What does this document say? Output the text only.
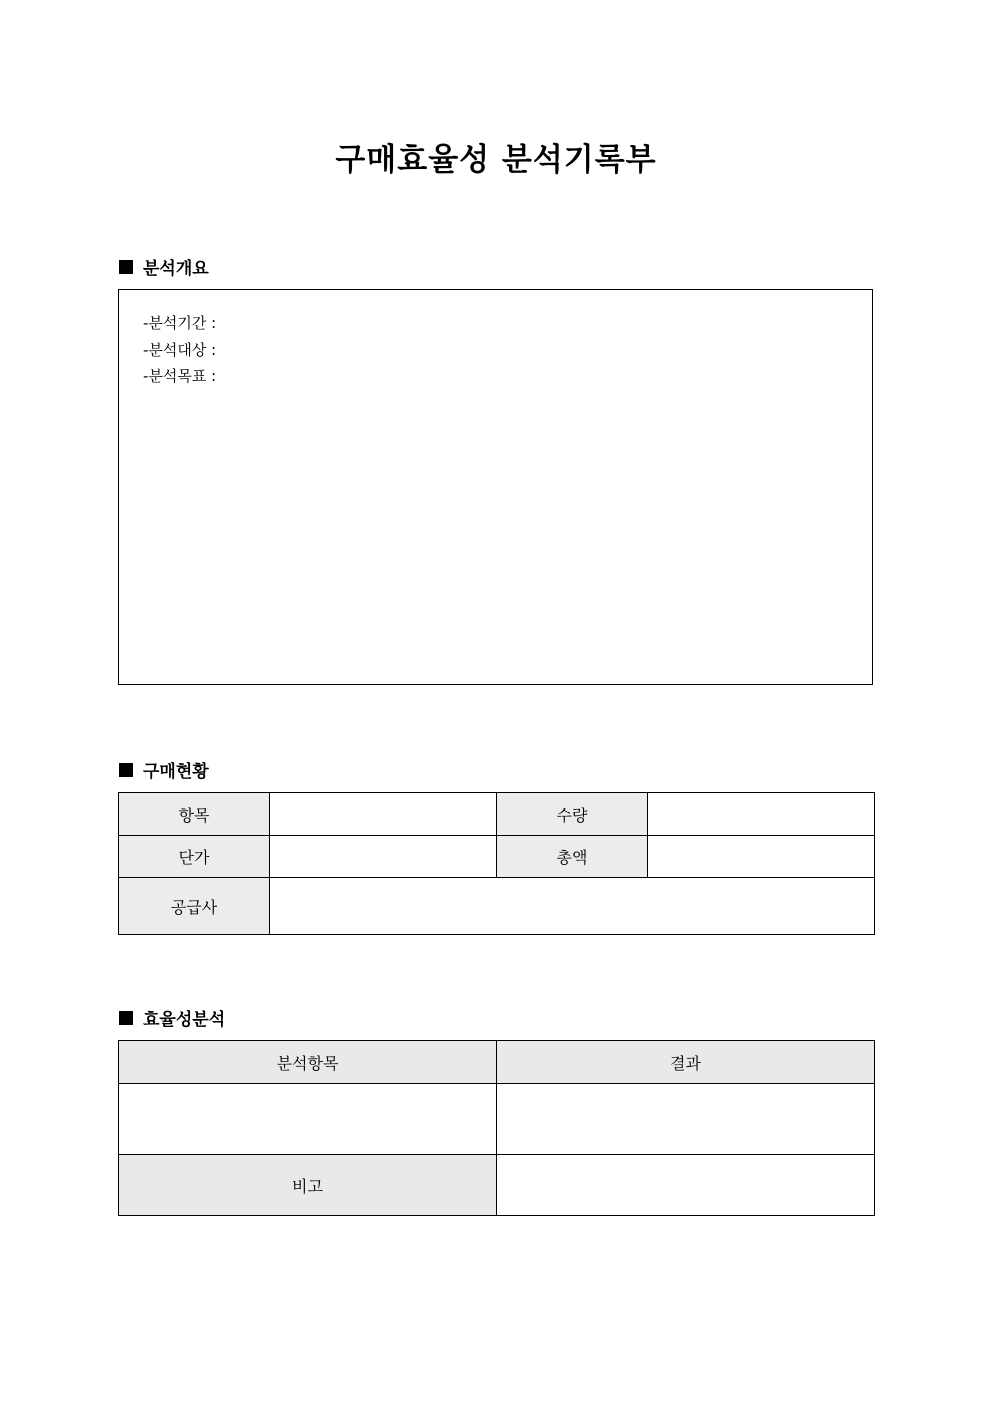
구매효율성 분석기록부
분석개요
-분석기간 :
-분석대상 :
-분석목표 :
구매현황
항목		수량	
단가		총액	
공급사			
효율성분석
분석항목	결과

비고	
